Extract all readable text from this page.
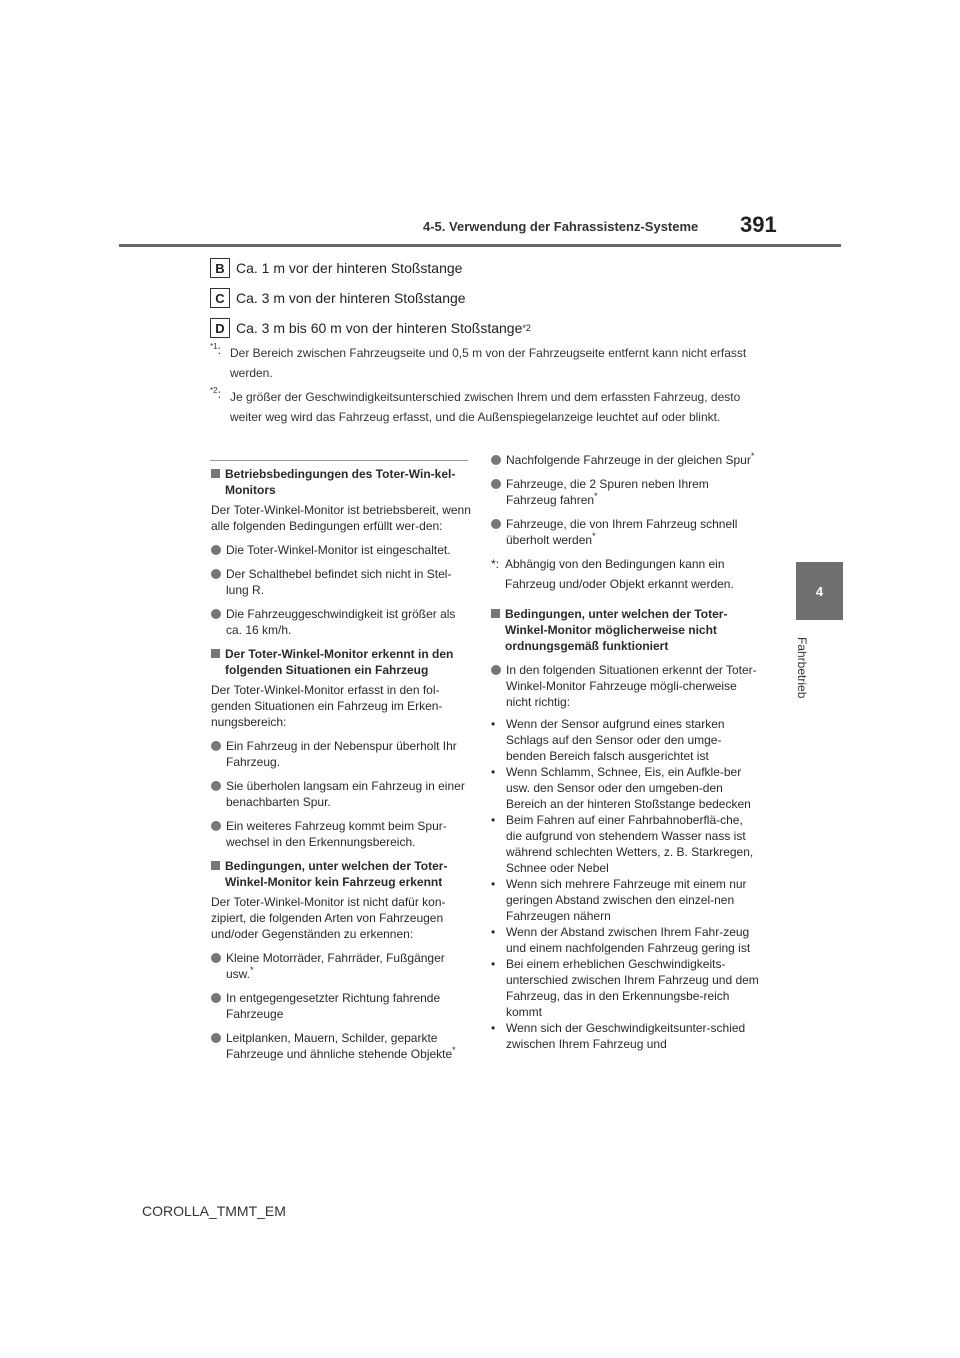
4-5. Verwendung der Fahrassistenz-Systeme 391
4
Fahrbetrieb
B Ca. 1 m vor der hinteren Stoßstange
C Ca. 3 m von der hinteren Stoßstange
D Ca. 3 m bis 60 m von der hinteren Stoßstange *2
$^{*1}$: Der Bereich zwischen Fahrzeugseite und 0,5 m von der Fahrzeugseite entfernt kann nicht erfasst werden.
$^{*2}$: Je größer der Geschwindigkeitsunterschied zwischen Ihrem und dem erfassten Fahrzeug, desto weiter weg wird das Fahrzeug erfasst, und die Außenspiegelanzeige leuchtet auf oder blinkt.
Betriebsbedingungen des Toter-Win-kel-Monitors
Der Toter-Winkel-Monitor ist betriebsbereit, wenn alle folgenden Bedingungen erfüllt wer-den:
Die Toter-Winkel-Monitor ist eingeschaltet.
Der Schalthebel befindet sich nicht in Stel-lung R.
Die Fahrzeuggeschwindigkeit ist größer als ca. 16 km/h.
Der Toter-Winkel-Monitor erkennt in den folgenden Situationen ein Fahrzeug
Der Toter-Winkel-Monitor erfasst in den fol-genden Situationen ein Fahrzeug im Erken-nungsbereich:
Ein Fahrzeug in der Nebenspur überholt Ihr Fahrzeug.
Sie überholen langsam ein Fahrzeug in einer benachbarten Spur.
Ein weiteres Fahrzeug kommt beim Spur-wechsel in den Erkennungsbereich.
Bedingungen, unter welchen der Toter-Winkel-Monitor kein Fahrzeug erkennt
Der Toter-Winkel-Monitor ist nicht dafür kon-zipiert, die folgenden Arten von Fahrzeugen und/oder Gegenständen zu erkennen:
Kleine Motorräder, Fahrräder, Fußgänger usw.*
In entgegengesetzter Richtung fahrende Fahrzeuge
Leitplanken, Mauern, Schilder, geparkte Fahrzeuge und ähnliche stehende Objekte*
Nachfolgende Fahrzeuge in der gleichen Spur*
Fahrzeuge, die 2 Spuren neben Ihrem Fahrzeug fahren*
Fahrzeuge, die von Ihrem Fahrzeug schnell überholt werden*
*: Abhängig von den Bedingungen kann ein Fahrzeug und/oder Objekt erkannt werden.
Bedingungen, unter welchen der Toter-Winkel-Monitor möglicherweise nicht ordnungsgemäß funktioniert
In den folgenden Situationen erkennt der Toter-Winkel-Monitor Fahrzeuge mögli-cherweise nicht richtig:
• Wenn der Sensor aufgrund eines starken Schlags auf den Sensor oder den umge-benden Bereich falsch ausgerichtet ist
• Wenn Schlamm, Schnee, Eis, ein Aufkle-ber usw. den Sensor oder den umgeben-den Bereich an der hinteren Stoßstange bedecken
• Beim Fahren auf einer Fahrbahnoberflä-che, die aufgrund von stehendem Wasser nass ist während schlechten Wetters, z. B. Starkregen, Schnee oder Nebel
• Wenn sich mehrere Fahrzeuge mit einem nur geringen Abstand zwischen den einzel-nen Fahrzeugen nähern
• Wenn der Abstand zwischen Ihrem Fahr-zeug und einem nachfolgenden Fahrzeug gering ist
• Bei einem erheblichen Geschwindigkeits-unterschied zwischen Ihrem Fahrzeug und dem Fahrzeug, das in den Erkennungsbe-reich kommt
• Wenn sich der Geschwindigkeitsunter-schied zwischen Ihrem Fahrzeug und
COROLLA_TMMT_EM
